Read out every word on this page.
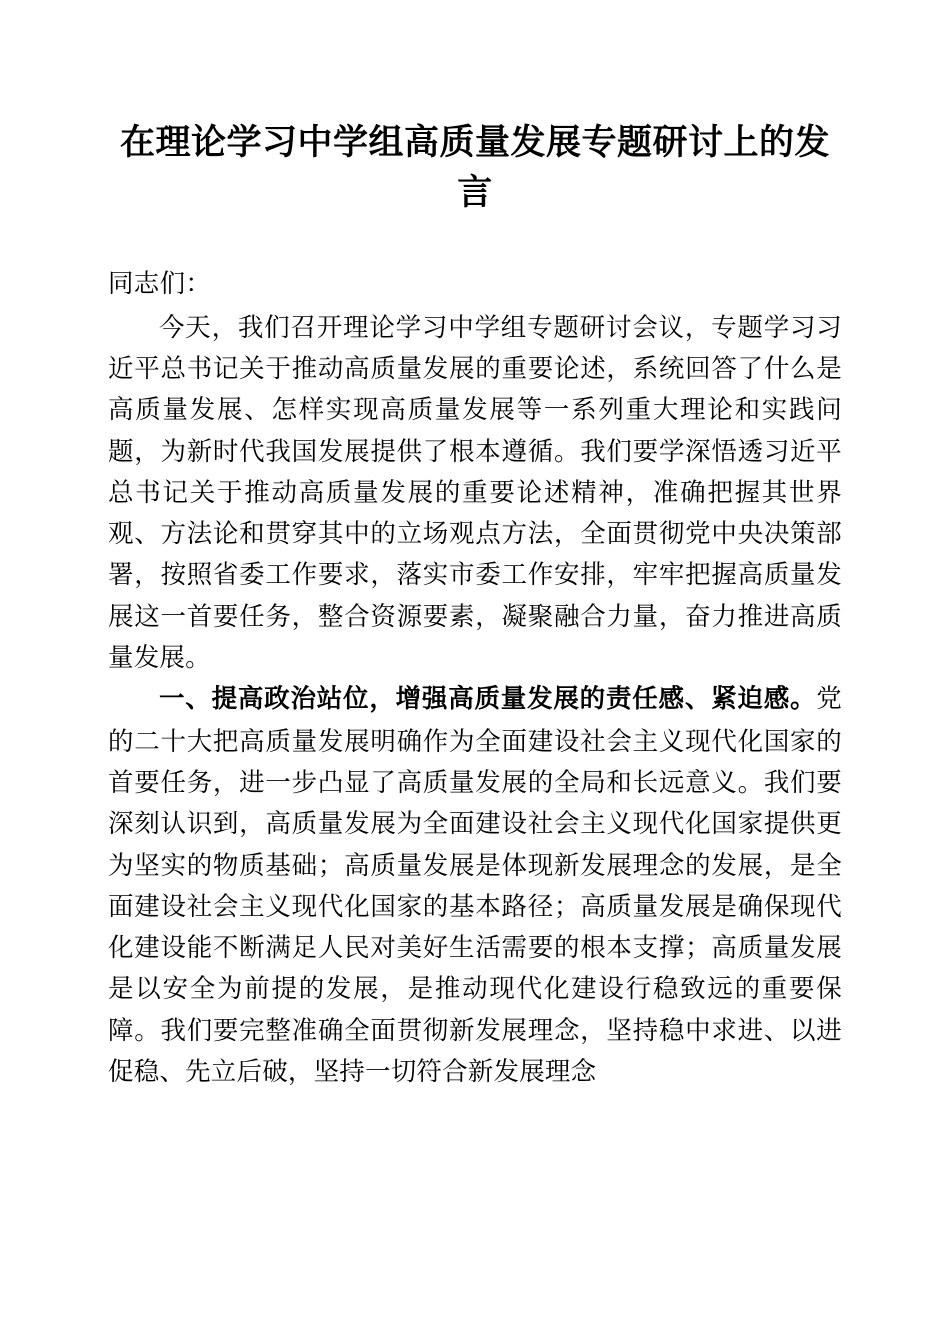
在理论学习中学组高质量发展专题研讨上的发言
同志们：

今天，我们召开理论学习中学组专题研讨会议，专题学习习近平总书记关于推动高质量发展的重要论述，系统回答了什么是高质量发展、怎样实现高质量发展等一系列重大理论和实践问题，为新时代我国发展提供了根本遵循。我们要学深悟透习近平总书记关于推动高质量发展的重要论述精神，准确把握其世界观、方法论和贯穿其中的立场观点方法，全面贯彻党中央决策部署，按照省委工作要求，落实市委工作安排，牢牢把握高质量发展这一首要任务，整合资源要素，凝聚融合力量，奋力推进高质量发展。

一、提高政治站位，增强高质量发展的责任感、紧迫感。党的二十大把高质量发展明确作为全面建设社会主义现代化国家的首要任务，进一步凸显了高质量发展的全局和长远意义。我们要深刻认识到，高质量发展为全面建设社会主义现代化国家提供更为坚实的物质基础；高质量发展是体现新发展理念的发展，是全面建设社会主义现代化国家的基本路径；高质量发展是确保现代化建设能不断满足人民对美好生活需要的根本支撑；高质量发展是以安全为前提的发展，是推动现代化建设行稳致远的重要保障。我们要完整准确全面贯彻新发展理念，坚持稳中求进、以进促稳、先立后破，坚持一切符合新发展理念
